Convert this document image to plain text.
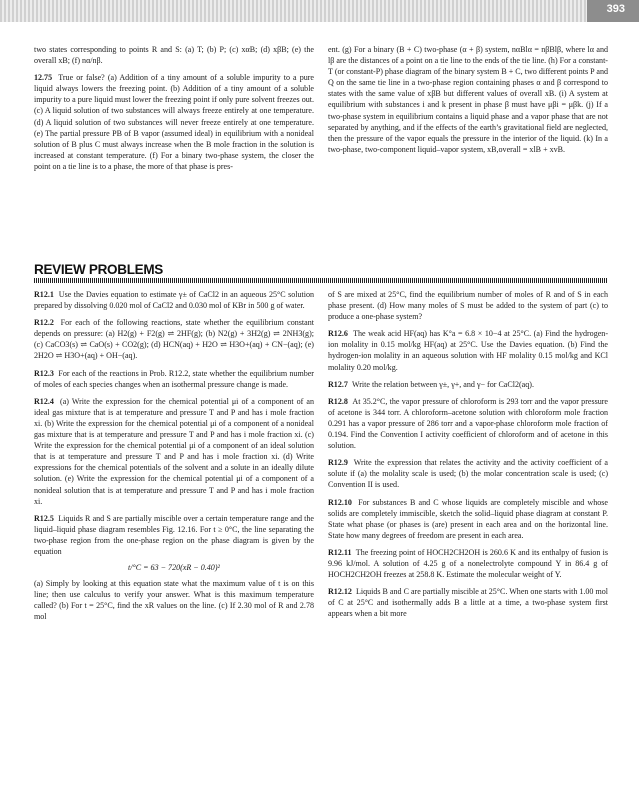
393

two states corresponding to points R and S: (a) T; (b) P; (c) xαB; (d) xβB; (e) the overall xB; (f) nα/nβ.

12.75 True or false? (a) Addition of a tiny amount of a soluble impurity to a pure liquid always lowers the freezing point. (b) Addition of a tiny amount of a soluble impurity to a pure liquid must lower the freezing point if only pure solvent freezes out. (c) A liquid solution of two substances will always freeze entirely at one temperature. (d) A liquid solution of two substances will never freeze entirely at one temperature. (e) The partial pressure PB of B vapor (assumed ideal) in equilibrium with a nonideal solution of B plus C must always increase when the B mole fraction in the solution is increased at constant temperature. (f) For a binary two-phase system, the closer the point on a tie line is to a phase, the more of that phase is pres-

ent. (g) For a binary (B + C) two-phase (α + β) system, nαBlα = nβBlβ, where lα and lβ are the distances of a point on a tie line to the ends of the tie line. (h) For a constant-T (or constant-P) phase diagram of the binary system B + C, two different points P and Q on the same tie line in a two-phase region containing phases α and β correspond to states with the same value of xβB but different values of overall xB. (i) A system at equilibrium with substances i and k present in phase β must have μβi = μβk. (j) If a two-phase system in equilibrium contains a liquid phase and a vapor phase that are not separated by anything, and if the effects of the earth’s gravitational field are neglected, then the pressure of the vapor equals the pressure in the interior of the liquid. (k) In a two-phase, two-component liquid–vapor system, xB,overall = xlB + xvB.

REVIEW PROBLEMS

R12.1 Use the Davies equation to estimate γ± of CaCl2 in an aqueous 25°C solution prepared by dissolving 0.020 mol of CaCl2 and 0.030 mol of KBr in 500 g of water.

R12.2 For each of the following reactions, state whether the equilibrium constant depends on pressure: (a) H2(g) + F2(g) ⇌ 2HF(g); (b) N2(g) + 3H2(g) ⇌ 2NH3(g); (c) CaCO3(s) ⇌ CaO(s) + CO2(g); (d) HCN(aq) + H2O ⇌ H3O+(aq) + CN−(aq); (e) 2H2O ⇌ H3O+(aq) + OH−(aq).

R12.3 For each of the reactions in Prob. R12.2, state whether the equilibrium number of moles of each species changes when an isothermal pressure change is made.

R12.4 (a) Write the expression for the chemical potential μi of a component of an ideal gas mixture that is at temperature and pressure T and P and has i mole fraction xi. (b) Write the expression for the chemical potential μi of a component of a nonideal gas mixture that is at temperature and pressure T and P and has i mole fraction xi. (c) Write the expression for the chemical potential μi of a component of an ideal solution that is at temperature and pressure T and P and has i mole fraction xi. (d) Write expressions for the chemical potentials of the solvent and a solute in an ideally dilute solution. (e) Write the expression for the chemical potential μi of a component of a nonideal solution that is at temperature and pressure T and P and has i mole fraction xi.

R12.5 Liquids R and S are partially miscible over a certain temperature range and the liquid–liquid phase diagram resembles Fig. 12.16. For t ≥ 0°C, the line separating the two-phase region from the one-phase region on the phase diagram is given by the equation

t/°C = 63 − 720(xR − 0.40)²

(a) Simply by looking at this equation state what the maximum value of t is on this line; then use calculus to verify your answer. What is this maximum temperature called? (b) For t = 25°C, find the xR values on the line. (c) If 2.30 mol of R and 2.78 mol

of S are mixed at 25°C, find the equilibrium number of moles of R and of S in each phase present. (d) How many moles of S must be added to the system of part (c) to produce a one-phase system?

R12.6 The weak acid HF(aq) has K°a = 6.8 × 10−4 at 25°C. (a) Find the hydrogen-ion molality in 0.15 mol/kg HF(aq) at 25°C. Use the Davies equation. (b) Find the hydrogen-ion molality in an aqueous solution with HF molality 0.15 mol/kg and KCl molality 0.20 mol/kg.

R12.7 Write the relation between γ±, γ+, and γ− for CaCl2(aq).

R12.8 At 35.2°C, the vapor pressure of chloroform is 293 torr and the vapor pressure of acetone is 344 torr. A chloroform–acetone solution with chloroform mole fraction 0.291 has a vapor pressure of 286 torr and a vapor-phase chloroform mole fraction of 0.194. Find the Convention I activity coefficient of chloroform and of acetone in this solution.

R12.9 Write the expression that relates the activity and the activity coefficient of a solute if (a) the molality scale is used; (b) the molar concentration scale is used; (c) Convention II is used.

R12.10 For substances B and C whose liquids are completely miscible and whose solids are completely immiscible, sketch the solid–liquid phase diagram at constant P. State what phase (or phases is (are) present in each area and on the horizontal line. State how many degrees of freedom are present in each area.

R12.11 The freezing point of HOCH2CH2OH is 260.6 K and its enthalpy of fusion is 9.96 kJ/mol. A solution of 4.25 g of a nonelectrolyte compound Y in 86.4 g of HOCH2CH2OH freezes at 258.8 K. Estimate the molecular weight of Y.

R12.12 Liquids B and C are partially miscible at 25°C. When one starts with 1.00 mol of C at 25°C and isothermally adds B a little at a time, a two-phase system first appears when a bit more
